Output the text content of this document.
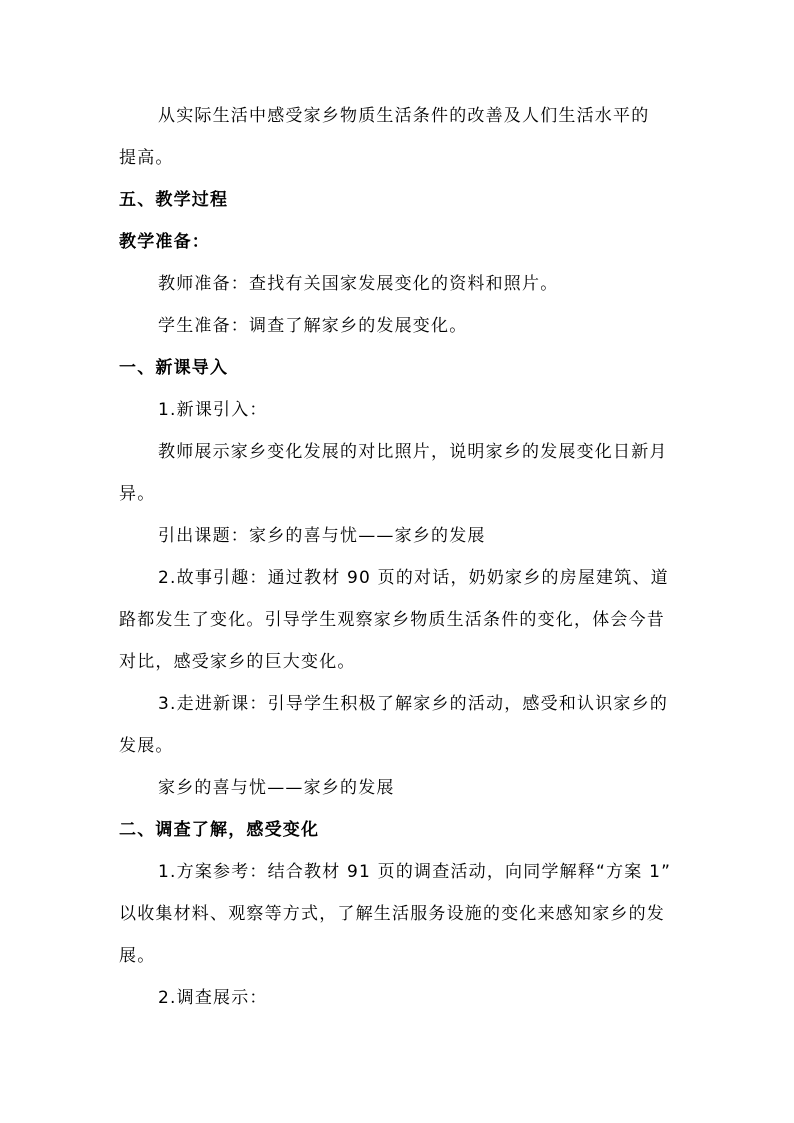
从实际生活中感受家乡物质生活条件的改善及人们生活水平的
提高。
五、教学过程
教学准备：
教师准备：查找有关国家发展变化的资料和照片。
学生准备：调查了解家乡的发展变化。
一、新课导入
1.新课引入：
教师展示家乡变化发展的对比照片，说明家乡的发展变化日新月
异。
引出课题：家乡的喜与忧——家乡的发展
2.故事引趣：通过教材 90 页的对话，奶奶家乡的房屋建筑、道
路都发生了变化。引导学生观察家乡物质生活条件的变化，体会今昔
对比，感受家乡的巨大变化。
3.走进新课：引导学生积极了解家乡的活动，感受和认识家乡的
发展。
家乡的喜与忧——家乡的发展
二、调查了解，感受变化
1.方案参考：结合教材 91 页的调查活动，向同学解释“方案 1”
以收集材料、观察等方式，了解生活服务设施的变化来感知家乡的发
展。
2.调查展示：
